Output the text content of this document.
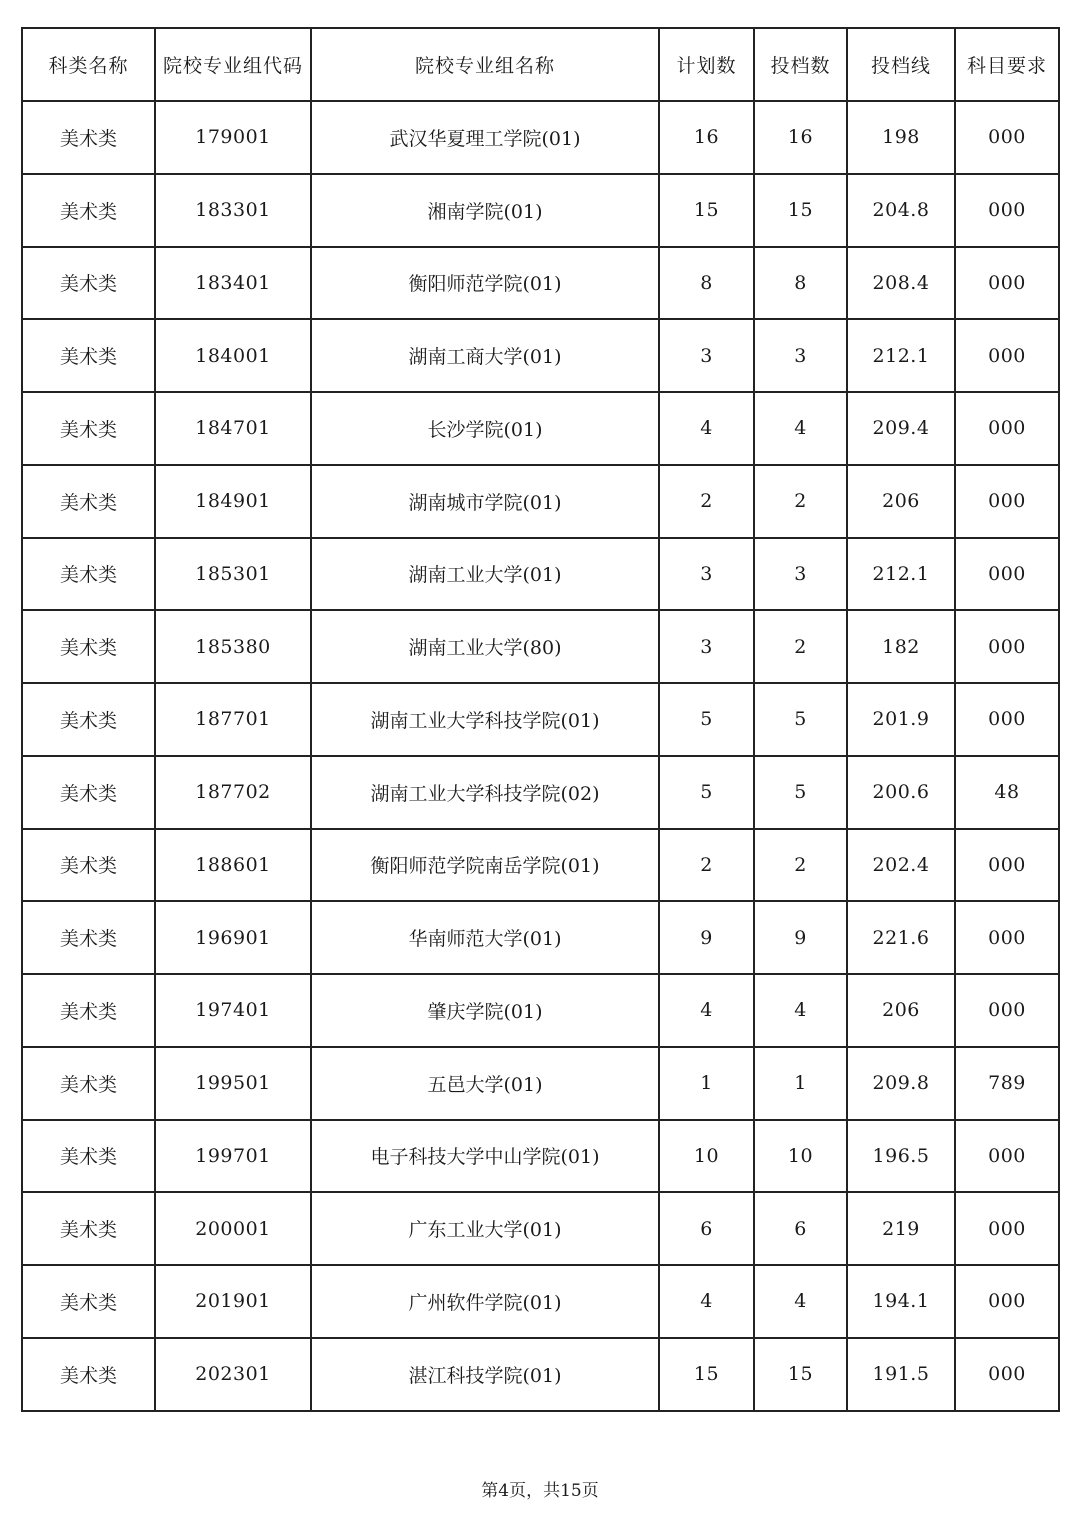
科类名称	院校专业组代码	院校专业组名称	计划数	投档数	投档线	科目要求
美术类	179001	武汉华夏理工学院(01)	16	16	198	000
美术类	183301	湘南学院(01)	15	15	204.8	000
美术类	183401	衡阳师范学院(01)	8	8	208.4	000
美术类	184001	湖南工商大学(01)	3	3	212.1	000
美术类	184701	长沙学院(01)	4	4	209.4	000
美术类	184901	湖南城市学院(01)	2	2	206	000
美术类	185301	湖南工业大学(01)	3	3	212.1	000
美术类	185380	湖南工业大学(80)	3	2	182	000
美术类	187701	湖南工业大学科技学院(01)	5	5	201.9	000
美术类	187702	湖南工业大学科技学院(02)	5	5	200.6	48
美术类	188601	衡阳师范学院南岳学院(01)	2	2	202.4	000
美术类	196901	华南师范大学(01)	9	9	221.6	000
美术类	197401	肇庆学院(01)	4	4	206	000
美术类	199501	五邑大学(01)	1	1	209.8	789
美术类	199701	电子科技大学中山学院(01)	10	10	196.5	000
美术类	200001	广东工业大学(01)	6	6	219	000
美术类	201901	广州软件学院(01)	4	4	194.1	000
美术类	202301	湛江科技学院(01)	15	15	191.5	000
第4页，共15页
